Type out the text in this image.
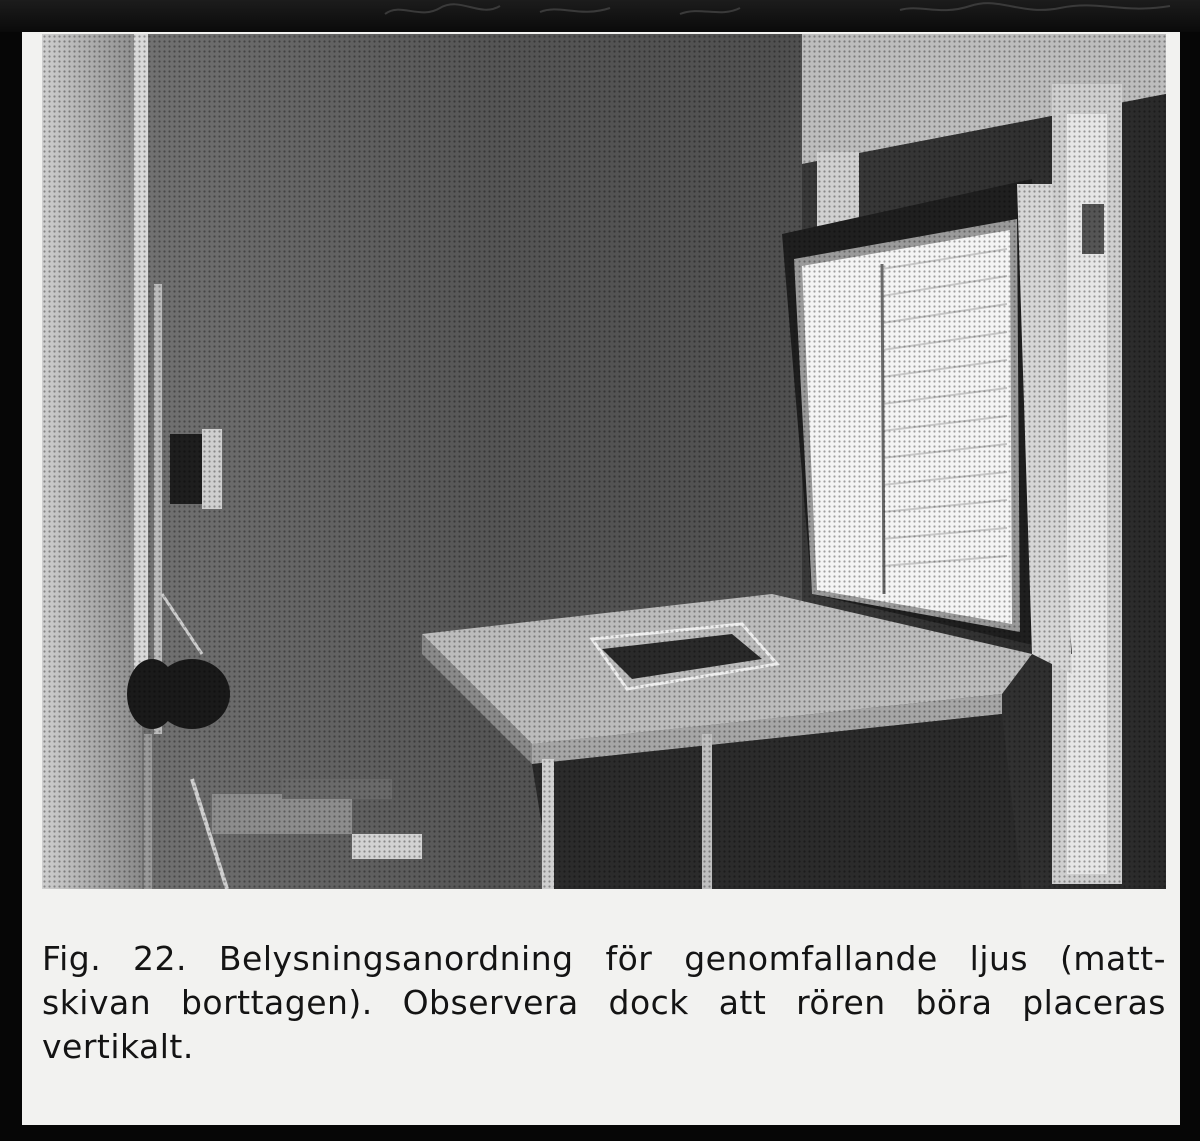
Fig. 22. Belysningsanordning för genomfallande ljus (matt-
skivan borttagen). Observera dock att rören böra placeras
vertikalt.
